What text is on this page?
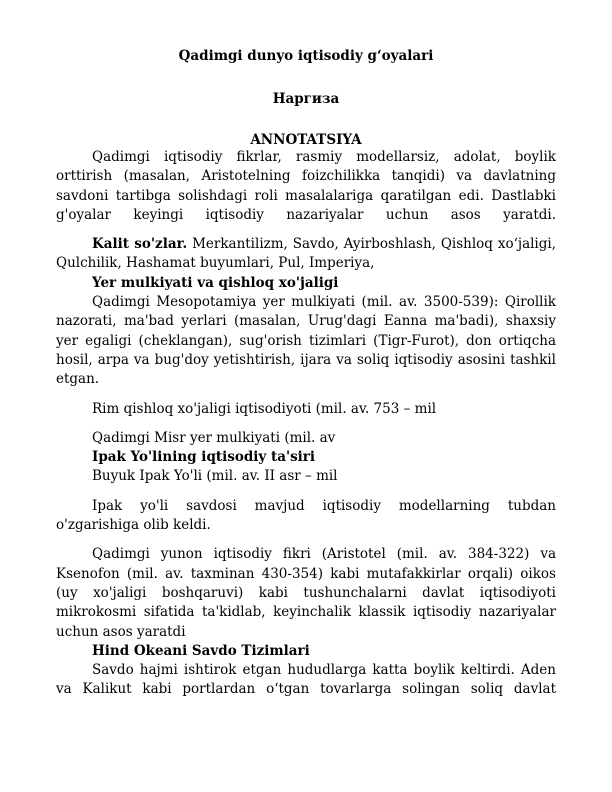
Qadimgi dunyo iqtisodiy g‘oyalari
Наргиза
ANNOTATSIYA

Qadimgi iqtisodiy fikrlar, rasmiy modellarsiz, adolat, boylik orttirish (masalan, Aristotelning foizchilikka tanqidi) va davlatning savdoni tartibga solishdagi roli masalalariga qaratilgan edi. Dastlabki g'oyalar keyingi iqtisodiy nazariyalar uchun asos yaratdi.

Kalit so'zlar. Merkantilizm, Savdo, Ayirboshlash, Qishloq xo‘jaligi, Qulchilik, Hashamat buyumlari, Pul, Imperiya,

Yer mulkiyati va qishloq xo'jaligi

Qadimgi Mesopotamiya yer mulkiyati (mil. av. 3500-539): Qirollik nazorati, ma'bad yerlari (masalan, Urug'dagi Eanna ma'badi), shaxsiy yer egaligi (cheklangan), sug'orish tizimlari (Tigr-Furot), don ortiqcha hosil, arpa va bug'doy yetishtirish, ijara va soliq iqtisodiy asosini tashkil etgan.

Rim qishloq xo'jaligi iqtisodiyoti (mil. av. 753 – mil

Qadimgi Misr yer mulkiyati (mil. av

Ipak Yo'lining iqtisodiy ta'siri

Buyuk Ipak Yo'li (mil. av. II asr – mil

Ipak yo'li savdosi mavjud iqtisodiy modellarning tubdan o'zgarishiga olib keldi.

Qadimgi yunon iqtisodiy fikri (Aristotel (mil. av. 384-322) va Ksenofon (mil. av. taxminan 430-354) kabi mutafakkirlar orqali) oikos (uy xo'jaligi boshqaruvi) kabi tushunchalarni davlat iqtisodiyoti mikrokosmi sifatida ta'kidlab, keyinchalik klassik iqtisodiy nazariyalar uchun asos yaratdi

Hind Okeani Savdo Tizimlari

Savdo hajmi ishtirok etgan hududlarga katta boylik keltirdi. Aden va Kalikut kabi portlardan o‘tgan tovarlarga solingan soliq davlat
